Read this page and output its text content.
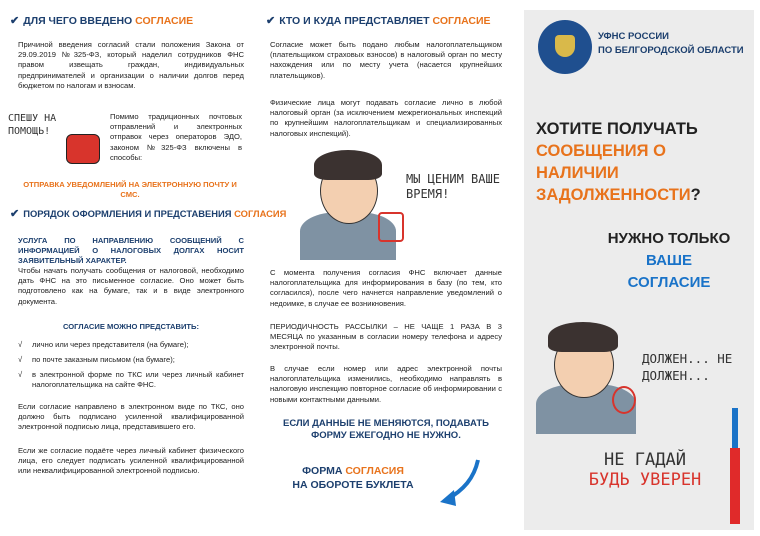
✔ ДЛЯ ЧЕГО ВВЕДЕНО СОГЛАСИЕ
Причиной введения согласий стали положения Закона от 29.09.2019 №325-ФЗ, который наделил сотрудников ФНС правом извещать граждан, индивидуальных предпринимателей и организации о наличии долгов перед бюджетом по налогам и взносам.
СПЕШУ НА ПОМОЩЬ!
Помимо традиционных почтовых отправлений и электронных отправок через операторов ЭДО, законом №325-ФЗ включены в способы:
ОТПРАВКА УВЕДОМЛЕНИЙ НА ЭЛЕКТРОННУЮ ПОЧТУ И СМС.
✔ ПОРЯДОК ОФОРМЛЕНИЯ И ПРЕДСТАВЕНИЯ СОГЛАСИЯ
УСЛУГА ПО НАПРАВЛЕНИЮ СООБЩЕНИЙ С ИНФОРМАЦИЕЙ О НАЛОГОВЫХ ДОЛГАХ НОСИТ ЗАЯВИТЕЛЬНЫЙ ХАРАКТЕР.
Чтобы начать получать сообщения от налоговой, необходимо дать ФНС на это письменное согласие. Оно может быть подготовлено как на бумаге, так и в виде электронного документа.
СОГЛАСИЕ МОЖНО ПРЕДСТАВИТЬ:
√	лично или через представителя (на бумаге);
√	по почте заказным письмом (на бумаге);
√	в электронной форме по ТКС или через личный кабинет налогоплательщика на сайте ФНС.
Если согласие направлено в электронном виде по ТКС, оно должно быть подписано усиленной квалифицированной электронной подписью лица, представившего его.
Если же согласие подаёте через личный кабинет физического лица, его следует подписать усиленной квалифицированной или неквалифицированной электронной подписью.
✔ КТО И КУДА ПРЕДСТАВЛЯЕТ СОГЛАСИЕ
Согласие может быть подано любым налогоплательщиком (плательщиком страховых взносов) в налоговый орган по месту нахождения или по месту учета (насается крупнейших плательщиков).
Физические лица могут подавать согласие лично в любой налоговый орган (за исключением межрегиональных инспекций по крупнейшим налогоплательщикам и специализированных налоговых инспекций).
МЫ ЦЕНИМ ВАШЕ ВРЕМЯ!
С момента получения согласия ФНС включает данные налогоплательщика для информирования в базу (по тем, кто согласился), после чего начнется направление уведомлений о недоимке, в случае ее возникновения.
ПЕРИОДИЧНОСТЬ РАССЫЛКИ – НЕ ЧАЩЕ 1 РАЗА В 3 МЕСЯЦА по указанным в согласии номеру телефона и адресу электронной почты.
В случае если номер или адрес электронной почты налогоплательщика изменились, необходимо направлять в налоговую инспекцию повторное согласие об информировании с новыми контактными данными.
ЕСЛИ ДАННЫЕ НЕ МЕНЯЮТСЯ, ПОДАВАТЬ ФОРМУ ЕЖЕГОДНО НЕ НУЖНО.
ФОРМА СОГЛАСИЯ
НА ОБОРОТЕ БУКЛЕТА
УФНС РОССИИ
ПО БЕЛГОРОДСКОЙ ОБЛАСТИ
ХОТИТЕ ПОЛУЧАТЬ
СООБЩЕНИЯ О НАЛИЧИИ
ЗАДОЛЖЕННОСТИ?
НУЖНО ТОЛЬКО
ВАШЕ СОГЛАСИЕ
ДОЛЖЕН... НЕ ДОЛЖЕН...
НЕ ГАДАЙ
БУДЬ УВЕРЕН
